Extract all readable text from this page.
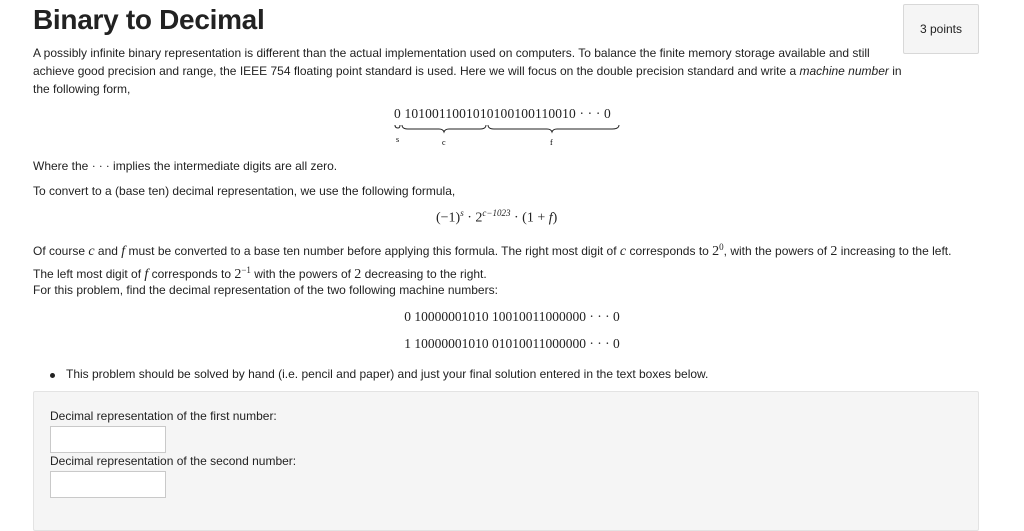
Binary to Decimal	3 points

A possibly infinite binary representation is different than the actual implementation used on computers. To balance the finite memory storage available and still achieve good precision and range, the IEEE 754 floating point standard is used. Here we will focus on the double precision standard and write a machine number in the following form,

0 1010011001010100100110010 · · · 0
s	c	f

Where the · · · implies the intermediate digits are all zero.

To convert to a (base ten) decimal representation, we use the following formula,

$(-1)^s \cdot 2^{c-1023} \cdot (1 + f)$

Of course c and f must be converted to a base ten number before applying this formula. The right most digit of c corresponds to $2^0$, with the powers of 2 increasing to the left. The left most digit of f corresponds to $2^{-1}$ with the powers of 2 decreasing to the right.

For this problem, find the decimal representation of the two following machine numbers:

0 10000001010 10010011000000 · · · 0
1 10000001010 01010011000000 · · · 0
This problem should be solved by hand (i.e. pencil and paper) and just your final solution entered in the text boxes below.
Decimal representation of the first number:
Decimal representation of the second number:
